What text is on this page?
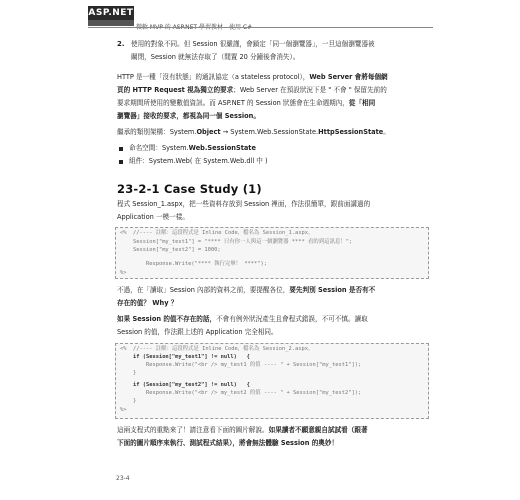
ASP.NET
2. 使用的對象不同。但 Session 很嚴謹，會鎖定「同一個瀏覽器」，一旦這個瀏覽器被
關閉，Session 就無法存取了（閒置 20 分鐘後會消失）。
HTTP 是一種「沒有狀態」的通訊協定（a stateless protocol），Web Server 會將每個網
頁的 HTTP Request 視為獨立的要求；Web Server 在預設狀況下是 " 不會 " 保留先前的
要求期間所使用的變數值資訊。而 ASP.NET 的 Session 狀態會在生命週期內，從「相同
瀏覽器」接收的要求，都視為同一個 Session。
繼承的類別架構：System.Object → System.Web.SessionState.HttpSessionState。
命名空間：System.Web.SessionState
組件：System.Web( 在 System.Web.dll 中 )
23-2-1 Case Study (1)
程式 Session_1.aspx，把一些資料存放到 Session 裡面，作法很簡單，跟前面講過的
Application 一模一樣。
<%  //---- 註解：這段程式是 Inline Code，檔名為 Session_1.aspx。
Session["my_test1"] = "**** 只有你一人與這一個瀏覽器 **** 看的到這訊息！";
Session["my_test2"] = 1000;
Response.Write("**** 執行完畢！ ****");
%>
不過，在「讀取」Session 內部的資料之前，要提醒各位，要先判別 Session 是否有不
存在的值？ Why ？
如果 Session 的值不存在的話，不會有例外狀況產生且會程式錯誤，不可不慎。讀取
Session 的值，作法跟上述的 Application 完全相同。
<%  //---- 註解：這段程式是 Inline Code，檔名為 Session_2.aspx。
if (Session["my_test1"] != null)   {
Response.Write("<br /> my_test1 的值 ---- " + Session["my_test1"]);
}
if (Session["my_test2"] != null)   {
Response.Write("<br /> my_test2 的值 ---- " + Session["my_test2"]);
}
%>
這兩支程式的重點來了！請注意看下面的圖片解說。如果讀者不願意親自試試看（跟著
下面的圖片順序來執行、測試程式結果），將會無法體驗 Session 的奧妙！
23-4
